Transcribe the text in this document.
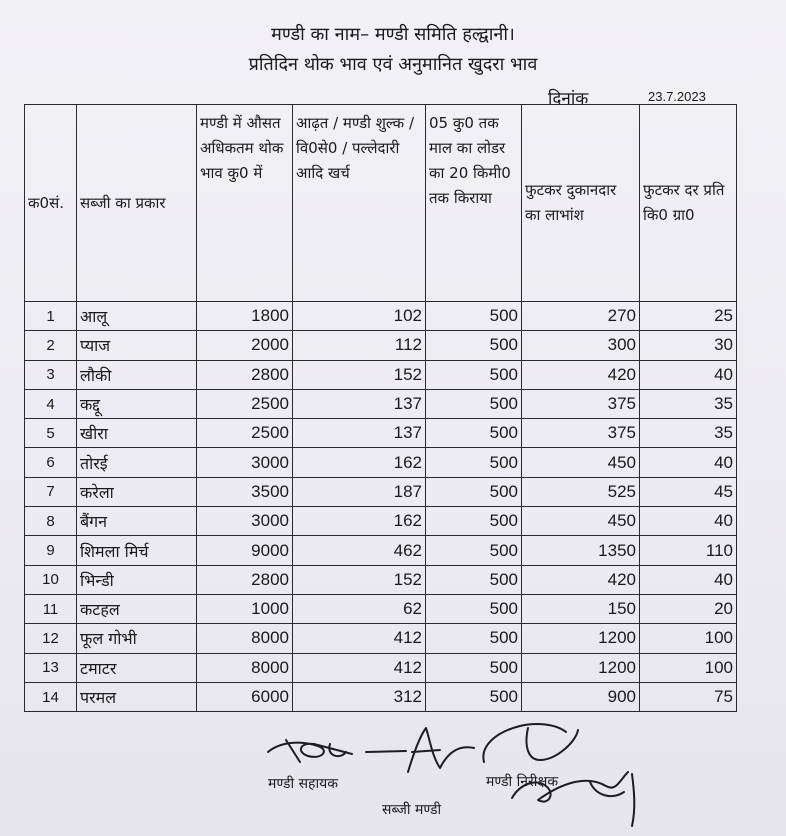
मण्डी का नाम– मण्डी समिति हल्द्वानी।
प्रतिदिन थोक भाव एवं अनुमानित खुदरा भाव
दिनांक	23.7.2023
क0सं.	सब्जी का प्रकार	मण्डी में औसत अधिकतम थोक भाव कु0 में	आढ़त / मण्डी शुल्क / वि0से0 / पल्लेदारी आदि खर्च	05 कु0 तक माल का लोडर का 20 किमी0 तक किराया	फुटकर दुकानदार का लाभांश	फुटकर दर प्रति कि0 ग्रा0
1	आलू	1800	102	500	270	25
2	प्याज	2000	112	500	300	30
3	लौकी	2800	152	500	420	40
4	कद्दू	2500	137	500	375	35
5	खीरा	2500	137	500	375	35
6	तोरई	3000	162	500	450	40
7	करेला	3500	187	500	525	45
8	बैंगन	3000	162	500	450	40
9	शिमला मिर्च	9000	462	500	1350	110
10	भिन्डी	2800	152	500	420	40
11	कटहल	1000	62	500	150	20
12	फूल गोभी	8000	412	500	1200	100
13	टमाटर	8000	412	500	1200	100
14	परमल	6000	312	500	900	75
मण्डी सहायक	मण्डी निरीक्षक
सब्जी मण्डी
